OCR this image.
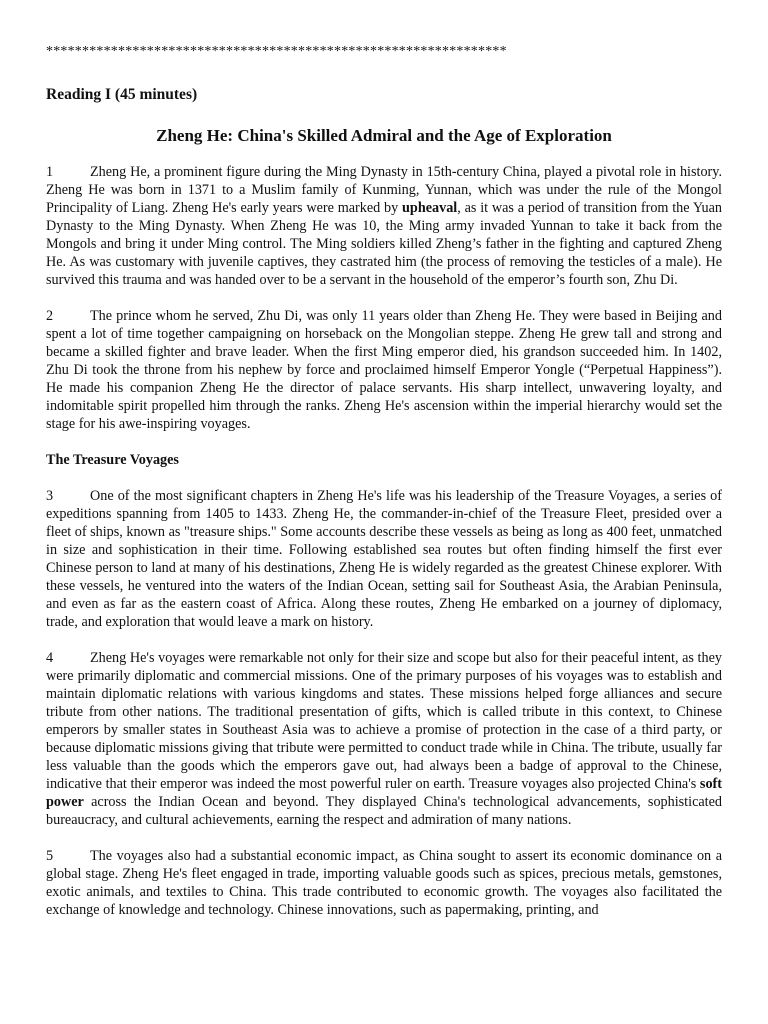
****************************************************************

Reading I (45 minutes)

Zheng He: China's Skilled Admiral and the Age of Exploration

1	Zheng He, a prominent figure during the Ming Dynasty in 15th-century China, played a pivotal role in history. Zheng He was born in 1371 to a Muslim family of Kunming, Yunnan, which was under the rule of the Mongol Principality of Liang. Zheng He's early years were marked by upheaval, as it was a period of transition from the Yuan Dynasty to the Ming Dynasty. When Zheng He was 10, the Ming army invaded Yunnan to take it back from the Mongols and bring it under Ming control. The Ming soldiers killed Zheng’s father in the fighting and captured Zheng He. As was customary with juvenile captives, they castrated him (the process of removing the testicles of a male). He survived this trauma and was handed over to be a servant in the household of the emperor’s fourth son, Zhu Di.

2	The prince whom he served, Zhu Di, was only 11 years older than Zheng He. They were based in Beijing and spent a lot of time together campaigning on horseback on the Mongolian steppe. Zheng He grew tall and strong and became a skilled fighter and brave leader. When the first Ming emperor died, his grandson succeeded him. In 1402, Zhu Di took the throne from his nephew by force and proclaimed himself Emperor Yongle (“Perpetual Happiness”). He made his companion Zheng He the director of palace servants. His sharp intellect, unwavering loyalty, and indomitable spirit propelled him through the ranks. Zheng He's ascension within the imperial hierarchy would set the stage for his awe-inspiring voyages.

The Treasure Voyages

3	One of the most significant chapters in Zheng He's life was his leadership of the Treasure Voyages, a series of expeditions spanning from 1405 to 1433. Zheng He, the commander-in-chief of the Treasure Fleet, presided over a fleet of ships, known as "treasure ships." Some accounts describe these vessels as being as long as 400 feet, unmatched in size and sophistication in their time. Following established sea routes but often finding himself the first ever Chinese person to land at many of his destinations, Zheng He is widely regarded as the greatest Chinese explorer. With these vessels, he ventured into the waters of the Indian Ocean, setting sail for Southeast Asia, the Arabian Peninsula, and even as far as the eastern coast of Africa. Along these routes, Zheng He embarked on a journey of diplomacy, trade, and exploration that would leave a mark on history.

4	Zheng He's voyages were remarkable not only for their size and scope but also for their peaceful intent, as they were primarily diplomatic and commercial missions. One of the primary purposes of his voyages was to establish and maintain diplomatic relations with various kingdoms and states. These missions helped forge alliances and secure tribute from other nations. The traditional presentation of gifts, which is called tribute in this context, to Chinese emperors by smaller states in Southeast Asia was to achieve a promise of protection in the case of a third party, or because diplomatic missions giving that tribute were permitted to conduct trade while in China. The tribute, usually far less valuable than the goods which the emperors gave out, had always been a badge of approval to the Chinese, indicative that their emperor was indeed the most powerful ruler on earth. Treasure voyages also projected China's soft power across the Indian Ocean and beyond. They displayed China's technological advancements, sophisticated bureaucracy, and cultural achievements, earning the respect and admiration of many nations.

5	The voyages also had a substantial economic impact, as China sought to assert its economic dominance on a global stage. Zheng He's fleet engaged in trade, importing valuable goods such as spices, precious metals, gemstones, exotic animals, and textiles to China. This trade contributed to economic growth. The voyages also facilitated the exchange of knowledge and technology. Chinese innovations, such as papermaking, printing, and
